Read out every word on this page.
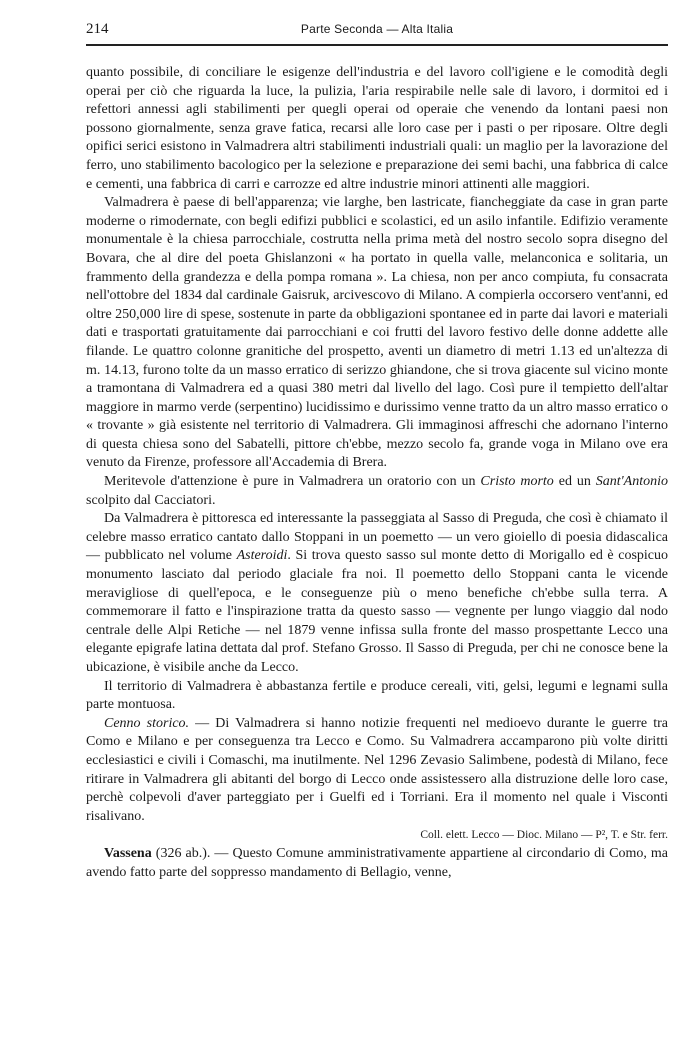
214	Parte Seconda — Alta Italia

quanto possibile, di conciliare le esigenze dell'industria e del lavoro coll'igiene e le comodità degli operai per ciò che riguarda la luce, la pulizia, l'aria respirabile nelle sale di lavoro, i dormitoi ed i refettori annessi agli stabilimenti per quegli operai od operaie che venendo da lontani paesi non possono giornalmente, senza grave fatica, recarsi alle loro case per i pasti o per riposare. Oltre degli opifici serici esistono in Valmadrera altri stabilimenti industriali quali: un maglio per la lavorazione del ferro, uno stabilimento bacologico per la selezione e preparazione dei semi bachi, una fabbrica di calce e cementi, una fabbrica di carri e carrozze ed altre industrie minori attinenti alle maggiori.

Valmadrera è paese di bell'apparenza; vie larghe, ben lastricate, fiancheggiate da case in gran parte moderne o rimodernate, con begli edifizi pubblici e scolastici, ed un asilo infantile. Edifizio veramente monumentale è la chiesa parrocchiale, costrutta nella prima metà del nostro secolo sopra disegno del Bovara, che al dire del poeta Ghislanzoni « ha portato in quella valle, melanconica e solitaria, un frammento della grandezza e della pompa romana ». La chiesa, non per anco compiuta, fu consacrata nell'ottobre del 1834 dal cardinale Gaisruk, arcivescovo di Milano. A compierla occorsero vent'anni, ed oltre 250,000 lire di spese, sostenute in parte da obbligazioni spontanee ed in parte dai lavori e materiali dati e trasportati gratuitamente dai parrocchiani e coi frutti del lavoro festivo delle donne addette alle filande. Le quattro colonne granitiche del prospetto, aventi un diametro di metri 1.13 ed un'altezza di m. 14.13, furono tolte da un masso erratico di serizzo ghiandone, che si trova giacente sul vicino monte a tramontana di Valmadrera ed a quasi 380 metri dal livello del lago. Così pure il tempietto dell'altar maggiore in marmo verde (serpentino) lucidissimo e durissimo venne tratto da un altro masso erratico o « trovante » già esistente nel territorio di Valmadrera. Gli immaginosi affreschi che adornano l'interno di questa chiesa sono del Sabatelli, pittore ch'ebbe, mezzo secolo fa, grande voga in Milano ove era venuto da Firenze, professore all'Accademia di Brera.

Meritevole d'attenzione è pure in Valmadrera un oratorio con un Cristo morto ed un Sant'Antonio scolpito dal Cacciatori.

Da Valmadrera è pittoresca ed interessante la passeggiata al Sasso di Preguda, che così è chiamato il celebre masso erratico cantato dallo Stoppani in un poemetto — un vero gioiello di poesia didascalica — pubblicato nel volume Asteroidi. Si trova questo sasso sul monte detto di Morigallo ed è cospicuo monumento lasciato dal periodo glaciale fra noi. Il poemetto dello Stoppani canta le vicende meravigliose di quell'epoca, e le conseguenze più o meno benefiche ch'ebbe sulla terra. A commemorare il fatto e l'inspirazione tratta da questo sasso — vegnente per lungo viaggio dal nodo centrale delle Alpi Retiche — nel 1879 venne infissa sulla fronte del masso prospettante Lecco una elegante epigrafe latina dettata dal prof. Stefano Grosso. Il Sasso di Preguda, per chi ne conosce bene la ubicazione, è visibile anche da Lecco.

Il territorio di Valmadrera è abbastanza fertile e produce cereali, viti, gelsi, legumi e legnami sulla parte montuosa.

Cenno storico. — Di Valmadrera si hanno notizie frequenti nel medioevo durante le guerre tra Como e Milano e per conseguenza tra Lecco e Como. Su Valmadrera accamparono più volte diritti ecclesiastici e civili i Comaschi, ma inutilmente. Nel 1296 Zevasio Salimbene, podestà di Milano, fece ritirare in Valmadrera gli abitanti del borgo di Lecco onde assistessero alla distruzione delle loro case, perchè colpevoli d'aver parteggiato per i Guelfi ed i Torriani. Era il momento nel quale i Visconti risalivano.

Coll. elett. Lecco — Dioc. Milano — P², T. e Str. ferr.

Vassena (326 ab.). — Questo Comune amministrativamente appartiene al circondario di Como, ma avendo fatto parte del soppresso mandamento di Bellagio, venne,
